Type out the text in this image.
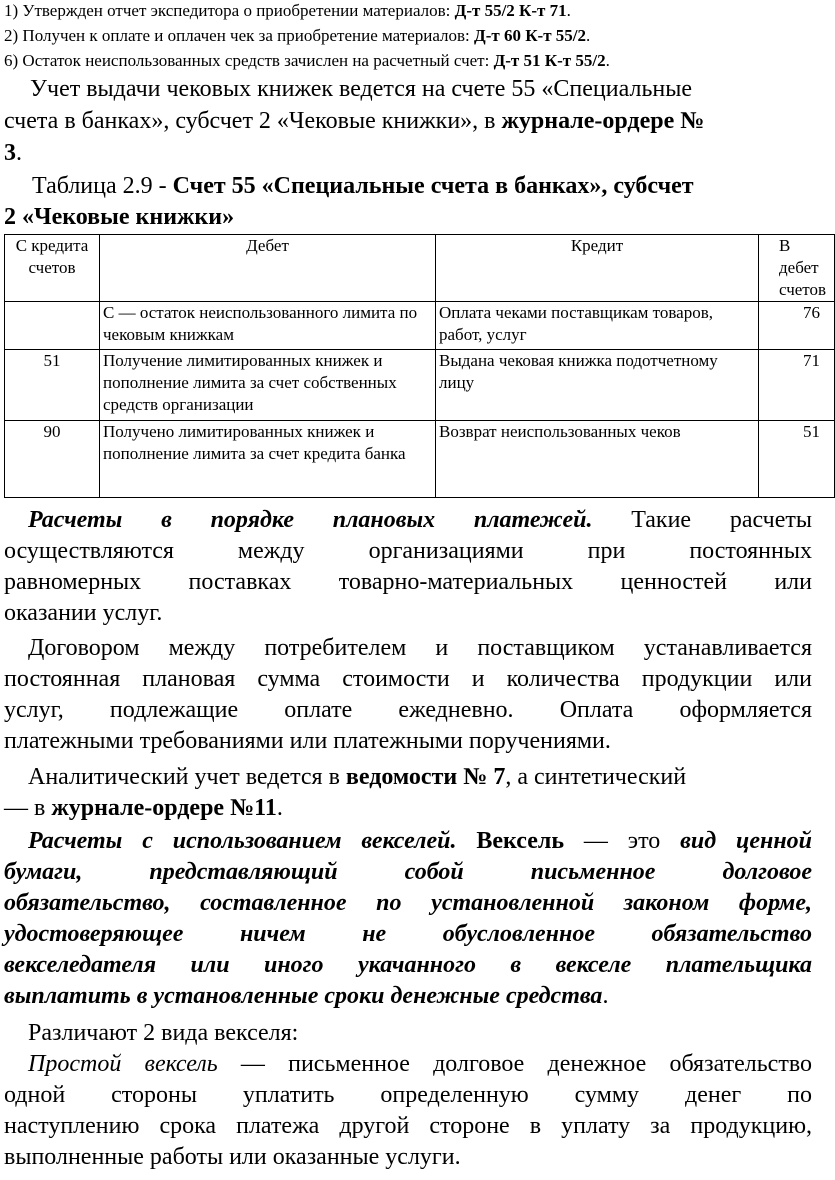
1) Утвержден отчет экспедитора о приобретении материалов: Д-т 55/2 К-т 71.
2) Получен к оплате и оплачен чек за приобретение материалов: Д-т 60 К-т 55/2.
6) Остаток неиспользованных средств зачислен на расчетный счет: Д-т 51 К-т 55/2.
Учет выдачи чековых книжек ведется на счете 55 «Специальные
счета в банках», субсчет 2 «Чековые книжки», в журнале-ордере №
3.
Таблица 2.9 - Счет 55 «Специальные счета в банках», субсчет
2 «Чековые книжки»
С кредита счетов	Дебет	Кредит	В дебет счетов
	С — остаток неиспользованного лимита по чековым книжкам	Оплата чеками поставщикам товаров, работ, услуг	76
51	Получение лимитированных книжек и пополнение лимита за счет собственных средств организации	Выдана чековая книжка подотчетному лицу	71
90	Получено лимитированных книжек и пополнение лимита за счет кредита банка	Возврат неиспользованных чеков	51
Расчеты в порядке плановых платежей. Такие расчеты
осуществляются между организациями при постоянных
равномерных поставках товарно-материальных ценностей или
оказании услуг.
Договором между потребителем и поставщиком устанавливается
постоянная плановая сумма стоимости и количества продукции или
услуг, подлежащие оплате ежедневно. Оплата оформляется
платежными требованиями или платежными поручениями.
Аналитический учет ведется в ведомости № 7, а синтетический
— в журнале-ордере №11.
Расчеты с использованием векселей. Вексель — это вид ценной
бумаги, представляющий собой письменное долговое
обязательство, составленное по установленной законом форме,
удостоверяющее ничем не обусловленное обязательство
векселедателя или иного укачанного в векселе плательщика
выплатить в установленные сроки денежные средства.
Различают 2 вида векселя:
Простой вексель — письменное долговое денежное обязательство
одной стороны уплатить определенную сумму денег по
наступлению срока платежа другой стороне в уплату за продукцию,
выполненные работы или оказанные услуги.
